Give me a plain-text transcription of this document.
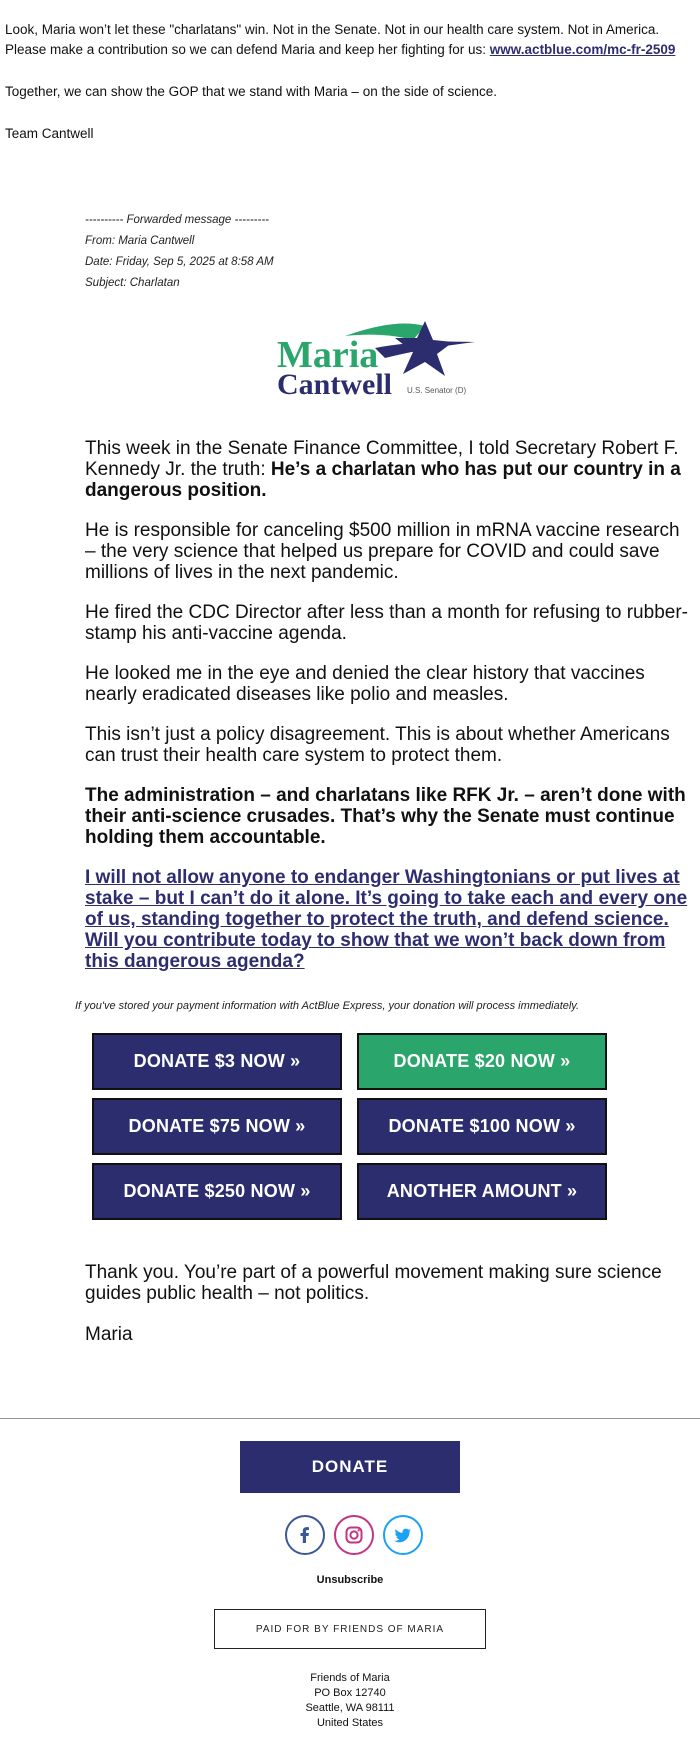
Look, Maria won’t let these "charlatans" win. Not in the Senate. Not in our health care system. Not in America. Please make a contribution so we can defend Maria and keep her fighting for us: www.actblue.com/mc-fr-2509

Together, we can show the GOP that we stand with Maria – on the side of science.

Team Cantwell

---------- Forwarded message ---------
From: Maria Cantwell
Date: Friday, Sep 5, 2025 at 8:58 AM
Subject: Charlatan
Maria
Cantwell U.S. Senator (D)

This week in the Senate Finance Committee, I told Secretary Robert F. Kennedy Jr. the truth: He’s a charlatan who has put our country in a dangerous position.

He is responsible for canceling $500 million in mRNA vaccine research – the very science that helped us prepare for COVID and could save millions of lives in the next pandemic.

He fired the CDC Director after less than a month for refusing to rubber-stamp his anti-vaccine agenda.

He looked me in the eye and denied the clear history that vaccines nearly eradicated diseases like polio and measles.

This isn’t just a policy disagreement. This is about whether Americans can trust their health care system to protect them.

The administration – and charlatans like RFK Jr. – aren’t done with their anti-science crusades. That’s why the Senate must continue holding them accountable.

I will not allow anyone to endanger Washingtonians or put lives at stake – but I can’t do it alone. It’s going to take each and every one of us, standing together to protect the truth, and defend science. Will you contribute today to show that we won’t back down from this dangerous agenda?

If you've stored your payment information with ActBlue Express, your donation will process immediately.
DONATE $3 NOW »	DONATE $20 NOW »
DONATE $75 NOW »	DONATE $100 NOW »
DONATE $250 NOW »	ANOTHER AMOUNT »

Thank you. You’re part of a powerful movement making sure science guides public health – not politics.

Maria

DONATE
Unsubscribe
PAID FOR BY FRIENDS OF MARIA
Friends of Maria
PO Box 12740
Seattle, WA 98111
United States
